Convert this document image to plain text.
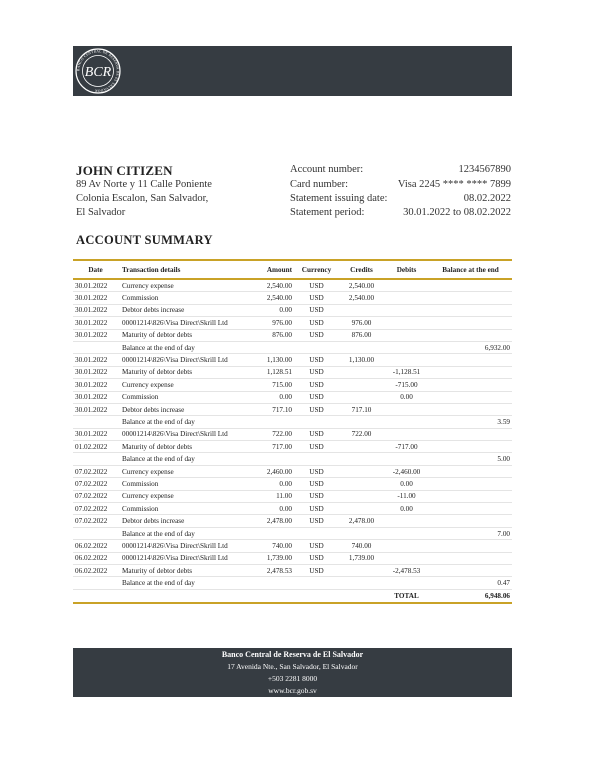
BANCO CENTRAL DE RESERVA DE EL SALVADOR
BCR
JOHN CITIZEN
89 Av Norte y 11 Calle Poniente
Colonia Escalon, San Salvador,
El Salvador
Account number:	1234567890
Card number:	Visa 2245 **** **** 7899
Statement issuing date:	08.02.2022
Statement period:	30.01.2022 to 08.02.2022
ACCOUNT SUMMARY
Date	Transaction details	Amount	Currency	Credits	Debits	Balance at the end
30.01.2022	Currency expense	2,540.00	USD	2,540.00		
30.01.2022	Commission	2,540.00	USD	2,540.00		
30.01.2022	Debtor debts increase	0.00	USD			
30.01.2022	00001214\826\Visa Direct\Skrill Ltd	976.00	USD	976.00		
30.01.2022	Maturity of debtor debts	876.00	USD	876.00		
	Balance at the end of day					6,932.00
30.01.2022	00001214\826\Visa Direct\Skrill Ltd	1,130.00	USD	1,130.00		
30.01.2022	Maturity of debtor debts	1,128.51	USD		-1,128.51	
30.01.2022	Currency expense	715.00	USD		-715.00	
30.01.2022	Commission	0.00	USD		0.00	
30.01.2022	Debtor debts increase	717.10	USD	717.10		
	Balance at the end of day					3.59
30.01.2022	00001214\826\Visa Direct\Skrill Ltd	722.00	USD	722.00		
01.02.2022	Maturity of debtor debts	717.00	USD		-717.00	
	Balance at the end of day					5.00
07.02.2022	Currency expense	2,460.00	USD		-2,460.00	
07.02.2022	Commission	0.00	USD		0.00	
07.02.2022	Currency expense	11.00	USD		-11.00	
07.02.2022	Commission	0.00	USD		0.00	
07.02.2022	Debtor debts increase	2,478.00	USD	2,478.00		
	Balance at the end of day					7.00
06.02.2022	00001214\826\Visa Direct\Skrill Ltd	740.00	USD	740.00		
06.02.2022	00001214\826\Visa Direct\Skrill Ltd	1,739.00	USD	1,739.00		
06.02.2022	Maturity of debtor debts	2,478.53	USD		-2,478.53	
	Balance at the end of day					0.47
					TOTAL	6,948.06
Banco Central de Reserva de El Salvador
17 Avenida Nte., San Salvador, El Salvador
+503 2281 8000
www.bcr.gob.sv
